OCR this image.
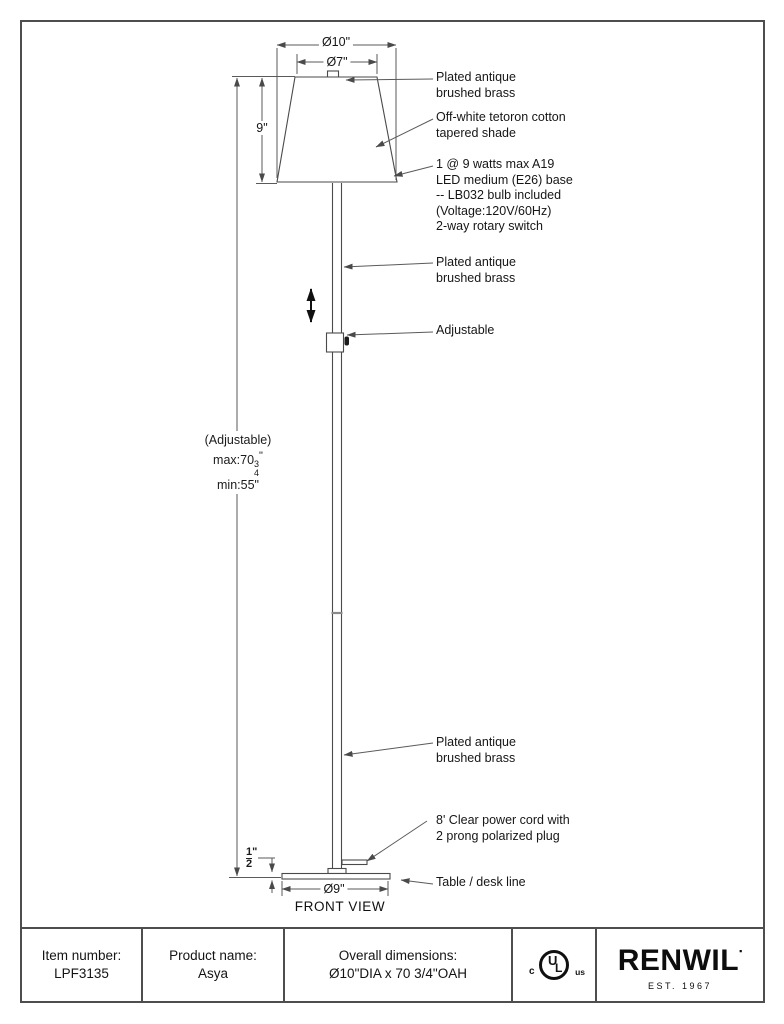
Ø10"
Ø7"
9"
(Adjustable)
max:70 3
4
"
min:55"
$\frac{1}{2}$ "
Ø9"
Plated antique
brushed brass
Off-white tetoron cotton
tapered shade
1 @ 9 watts max A19
LED medium (E26) base
-- LB032 bulb included
(Voltage:120V/60Hz)
2-way rotary switch
Plated antique
brushed brass
Adjustable
Plated antique
brushed brass
8' Clear power cord with
2 prong polarized plug
Table / desk line
FRONT VIEW
Item number:
LPF3135
Product name:
Asya
Overall dimensions:
Ø10"DIA x 70 3/4"OAH
U
L
c	us RENWIL▪
EST. 1967
